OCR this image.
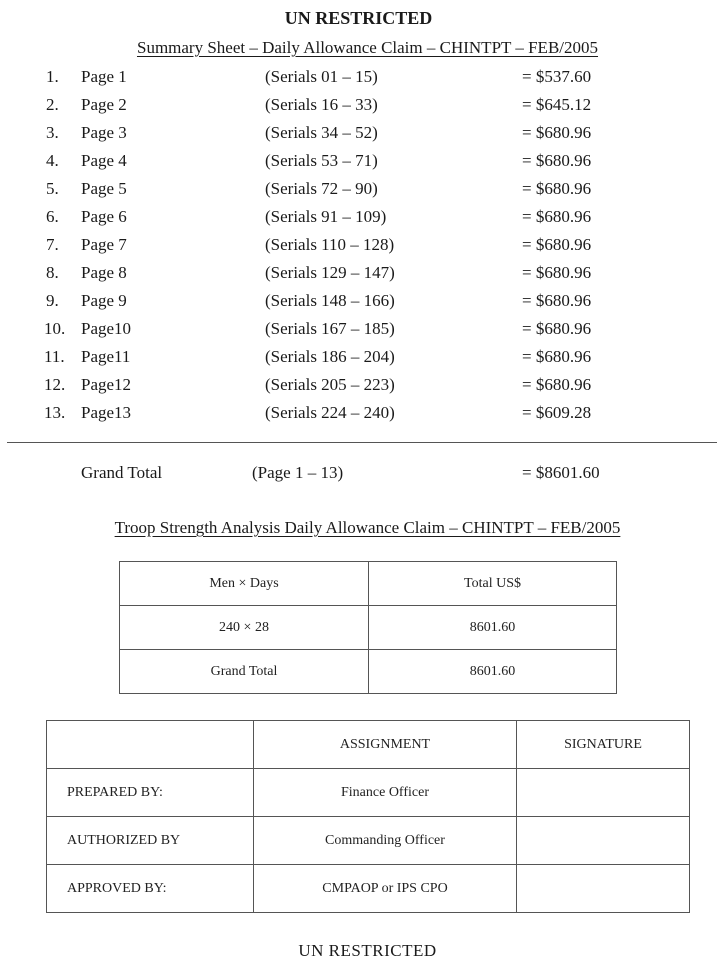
UN RESTRICTED
Summary Sheet – Daily Allowance Claim – CHINTPT – FEB/2005
1. Page 1	(Serials 01 – 15)	= $537.60
2. Page 2	(Serials 16 – 33)	= $645.12
3. Page 3	(Serials 34 – 52)	= $680.96
4. Page 4	(Serials 53 – 71)	= $680.96
5. Page 5	(Serials 72 – 90)	= $680.96
6. Page 6	(Serials 91 – 109)	= $680.96
7. Page 7	(Serials 110 – 128)	= $680.96
8. Page 8	(Serials 129 – 147)	= $680.96
9. Page 9	(Serials 148 – 166)	= $680.96
10. Page10	(Serials 167 – 185)	= $680.96
11. Page11	(Serials 186 – 204)	= $680.96
12. Page12	(Serials 205 – 223)	= $680.96
13. Page13	(Serials 224 – 240)	= $609.28
Grand Total	(Page 1 – 13)	= $8601.60
Troop Strength Analysis Daily Allowance Claim – CHINTPT – FEB/2005
Men × Days	Total US$
240 × 28	8601.60
Grand Total	8601.60
	ASSIGNMENT	SIGNATURE
PREPARED BY:	Finance Officer	
AUTHORIZED BY	Commanding Officer	
APPROVED BY:	CMPAOP or IPS CPO	
UN RESTRICTED
